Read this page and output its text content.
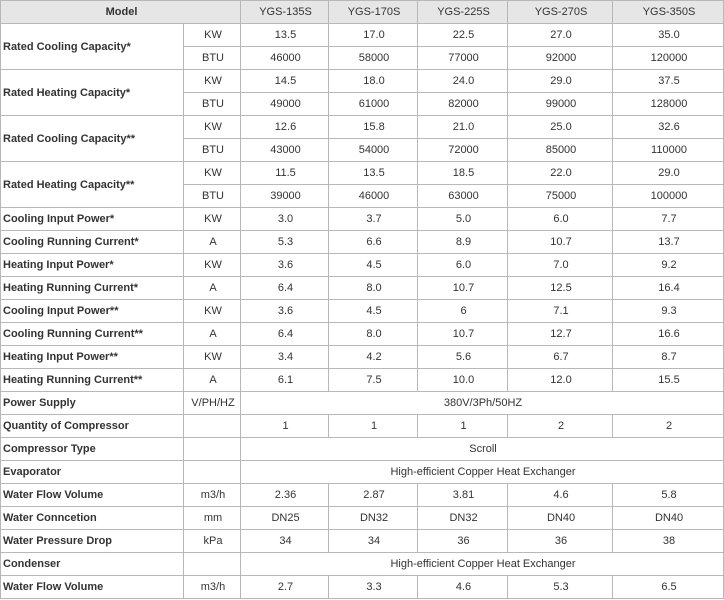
Model		YGS-135S	YGS-170S	YGS-225S	YGS-270S	YGS-350S
Rated Cooling Capacity*	KW	13.5	17.0	22.5	27.0	35.0
	BTU	46000	58000	77000	92000	120000
Rated Heating Capacity*	KW	14.5	18.0	24.0	29.0	37.5
	BTU	49000	61000	82000	99000	128000
Rated Cooling Capacity**	KW	12.6	15.8	21.0	25.0	32.6
	BTU	43000	54000	72000	85000	110000
Rated Heating Capacity**	KW	11.5	13.5	18.5	22.0	29.0
	BTU	39000	46000	63000	75000	100000
Cooling Input Power*	KW	3.0	3.7	5.0	6.0	7.7
Cooling Running Current*	A	5.3	6.6	8.9	10.7	13.7
Heating Input Power*	KW	3.6	4.5	6.0	7.0	9.2
Heating Running Current*	A	6.4	8.0	10.7	12.5	16.4
Cooling Input Power**	KW	3.6	4.5	6	7.1	9.3
Cooling Running Current**	A	6.4	8.0	10.7	12.7	16.6
Heating Input Power**	KW	3.4	4.2	5.6	6.7	8.7
Heating Running Current**	A	6.1	7.5	10.0	12.0	15.5
Power Supply	V/PH/HZ	380V/3Ph/50HZ				
Quantity of Compressor		1	1	1	2	2
Compressor Type		Scroll				
Evaporator		High-efficient Copper Heat Exchanger				
Water Flow Volume	m3/h	2.36	2.87	3.81	4.6	5.8
Water Conncetion	mm	DN25	DN32	DN32	DN40	DN40
Water Pressure Drop	kPa	34	34	36	36	38
Condenser		High-efficient Copper Heat Exchanger				
Water Flow Volume	m3/h	2.7	3.3	4.6	5.3	6.5
